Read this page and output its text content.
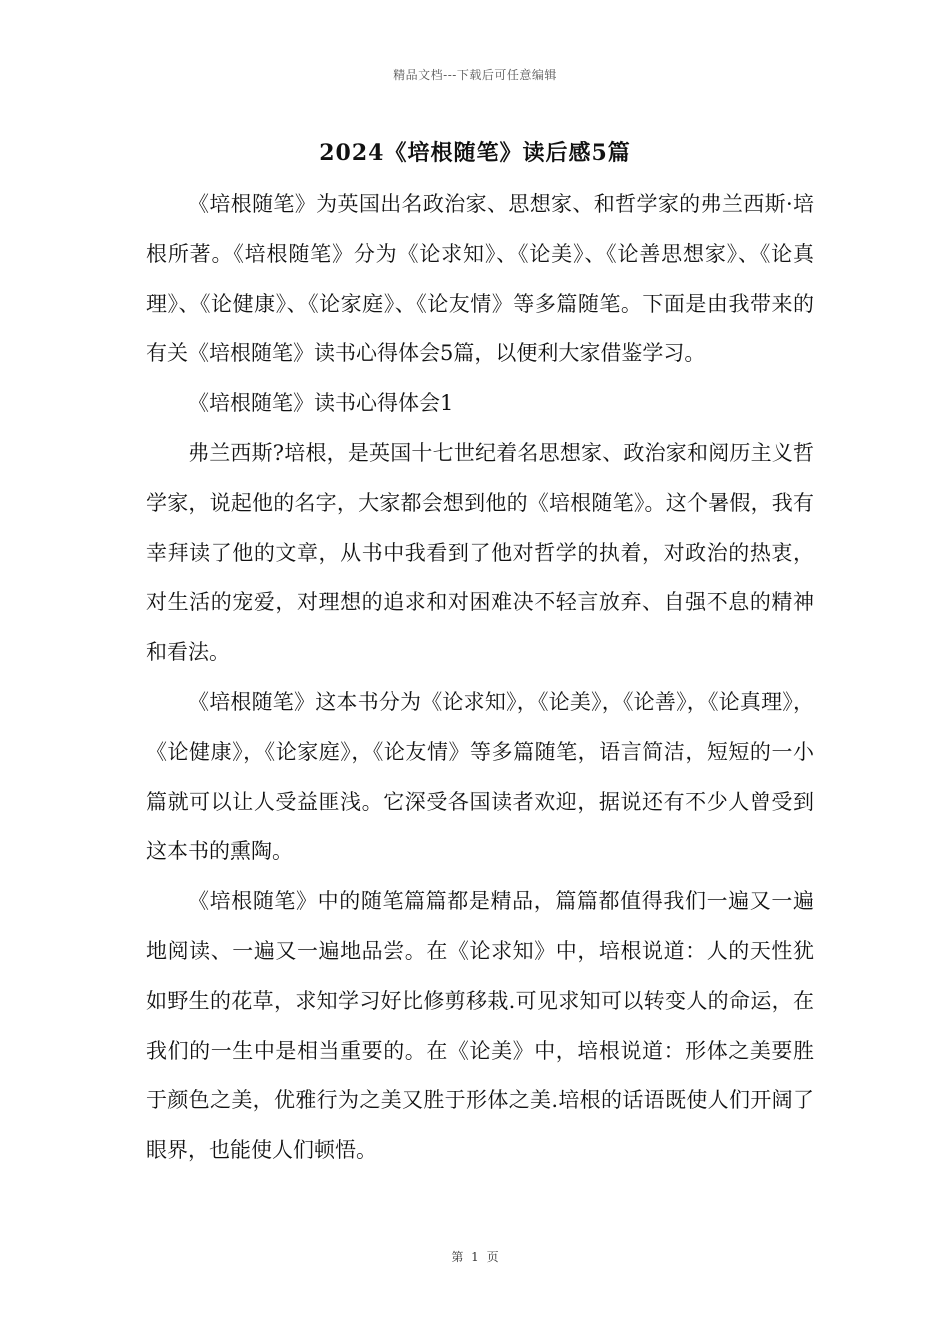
精品文档---下载后可任意编辑
2024《培根随笔》读后感5篇

《培根随笔》为英国出名政治家、思想家、和哲学家的弗兰西斯·培根所著。《培根随笔》分为《论求知》、《论美》、《论善思想家》、《论真理》、《论健康》、《论家庭》、《论友情》等多篇随笔。下面是由我带来的有关《培根随笔》读书心得体会5篇，以便利大家借鉴学习。

《培根随笔》读书心得体会1

弗兰西斯?培根，是英国十七世纪着名思想家、政治家和阅历主义哲学家，说起他的名字，大家都会想到他的《培根随笔》。这个暑假，我有幸拜读了他的文章，从书中我看到了他对哲学的执着，对政治的热衷，对生活的宠爱，对理想的追求和对困难决不轻言放弃、自强不息的精神和看法。

《培根随笔》这本书分为《论求知》，《论美》，《论善》，《论真理》，《论健康》，《论家庭》，《论友情》等多篇随笔，语言简洁，短短的一小篇就可以让人受益匪浅。它深受各国读者欢迎，据说还有不少人曾受到这本书的熏陶。

《培根随笔》中的随笔篇篇都是精品，篇篇都值得我们一遍又一遍地阅读、一遍又一遍地品尝。在《论求知》中，培根说道：人的天性犹如野生的花草，求知学习好比修剪移栽.可见求知可以转变人的命运，在我们的一生中是相当重要的。在《论美》中，培根说道：形体之美要胜于颜色之美，优雅行为之美又胜于形体之美.培根的话语既使人们开阔了眼界，也能使人们顿悟。

第 1 页
